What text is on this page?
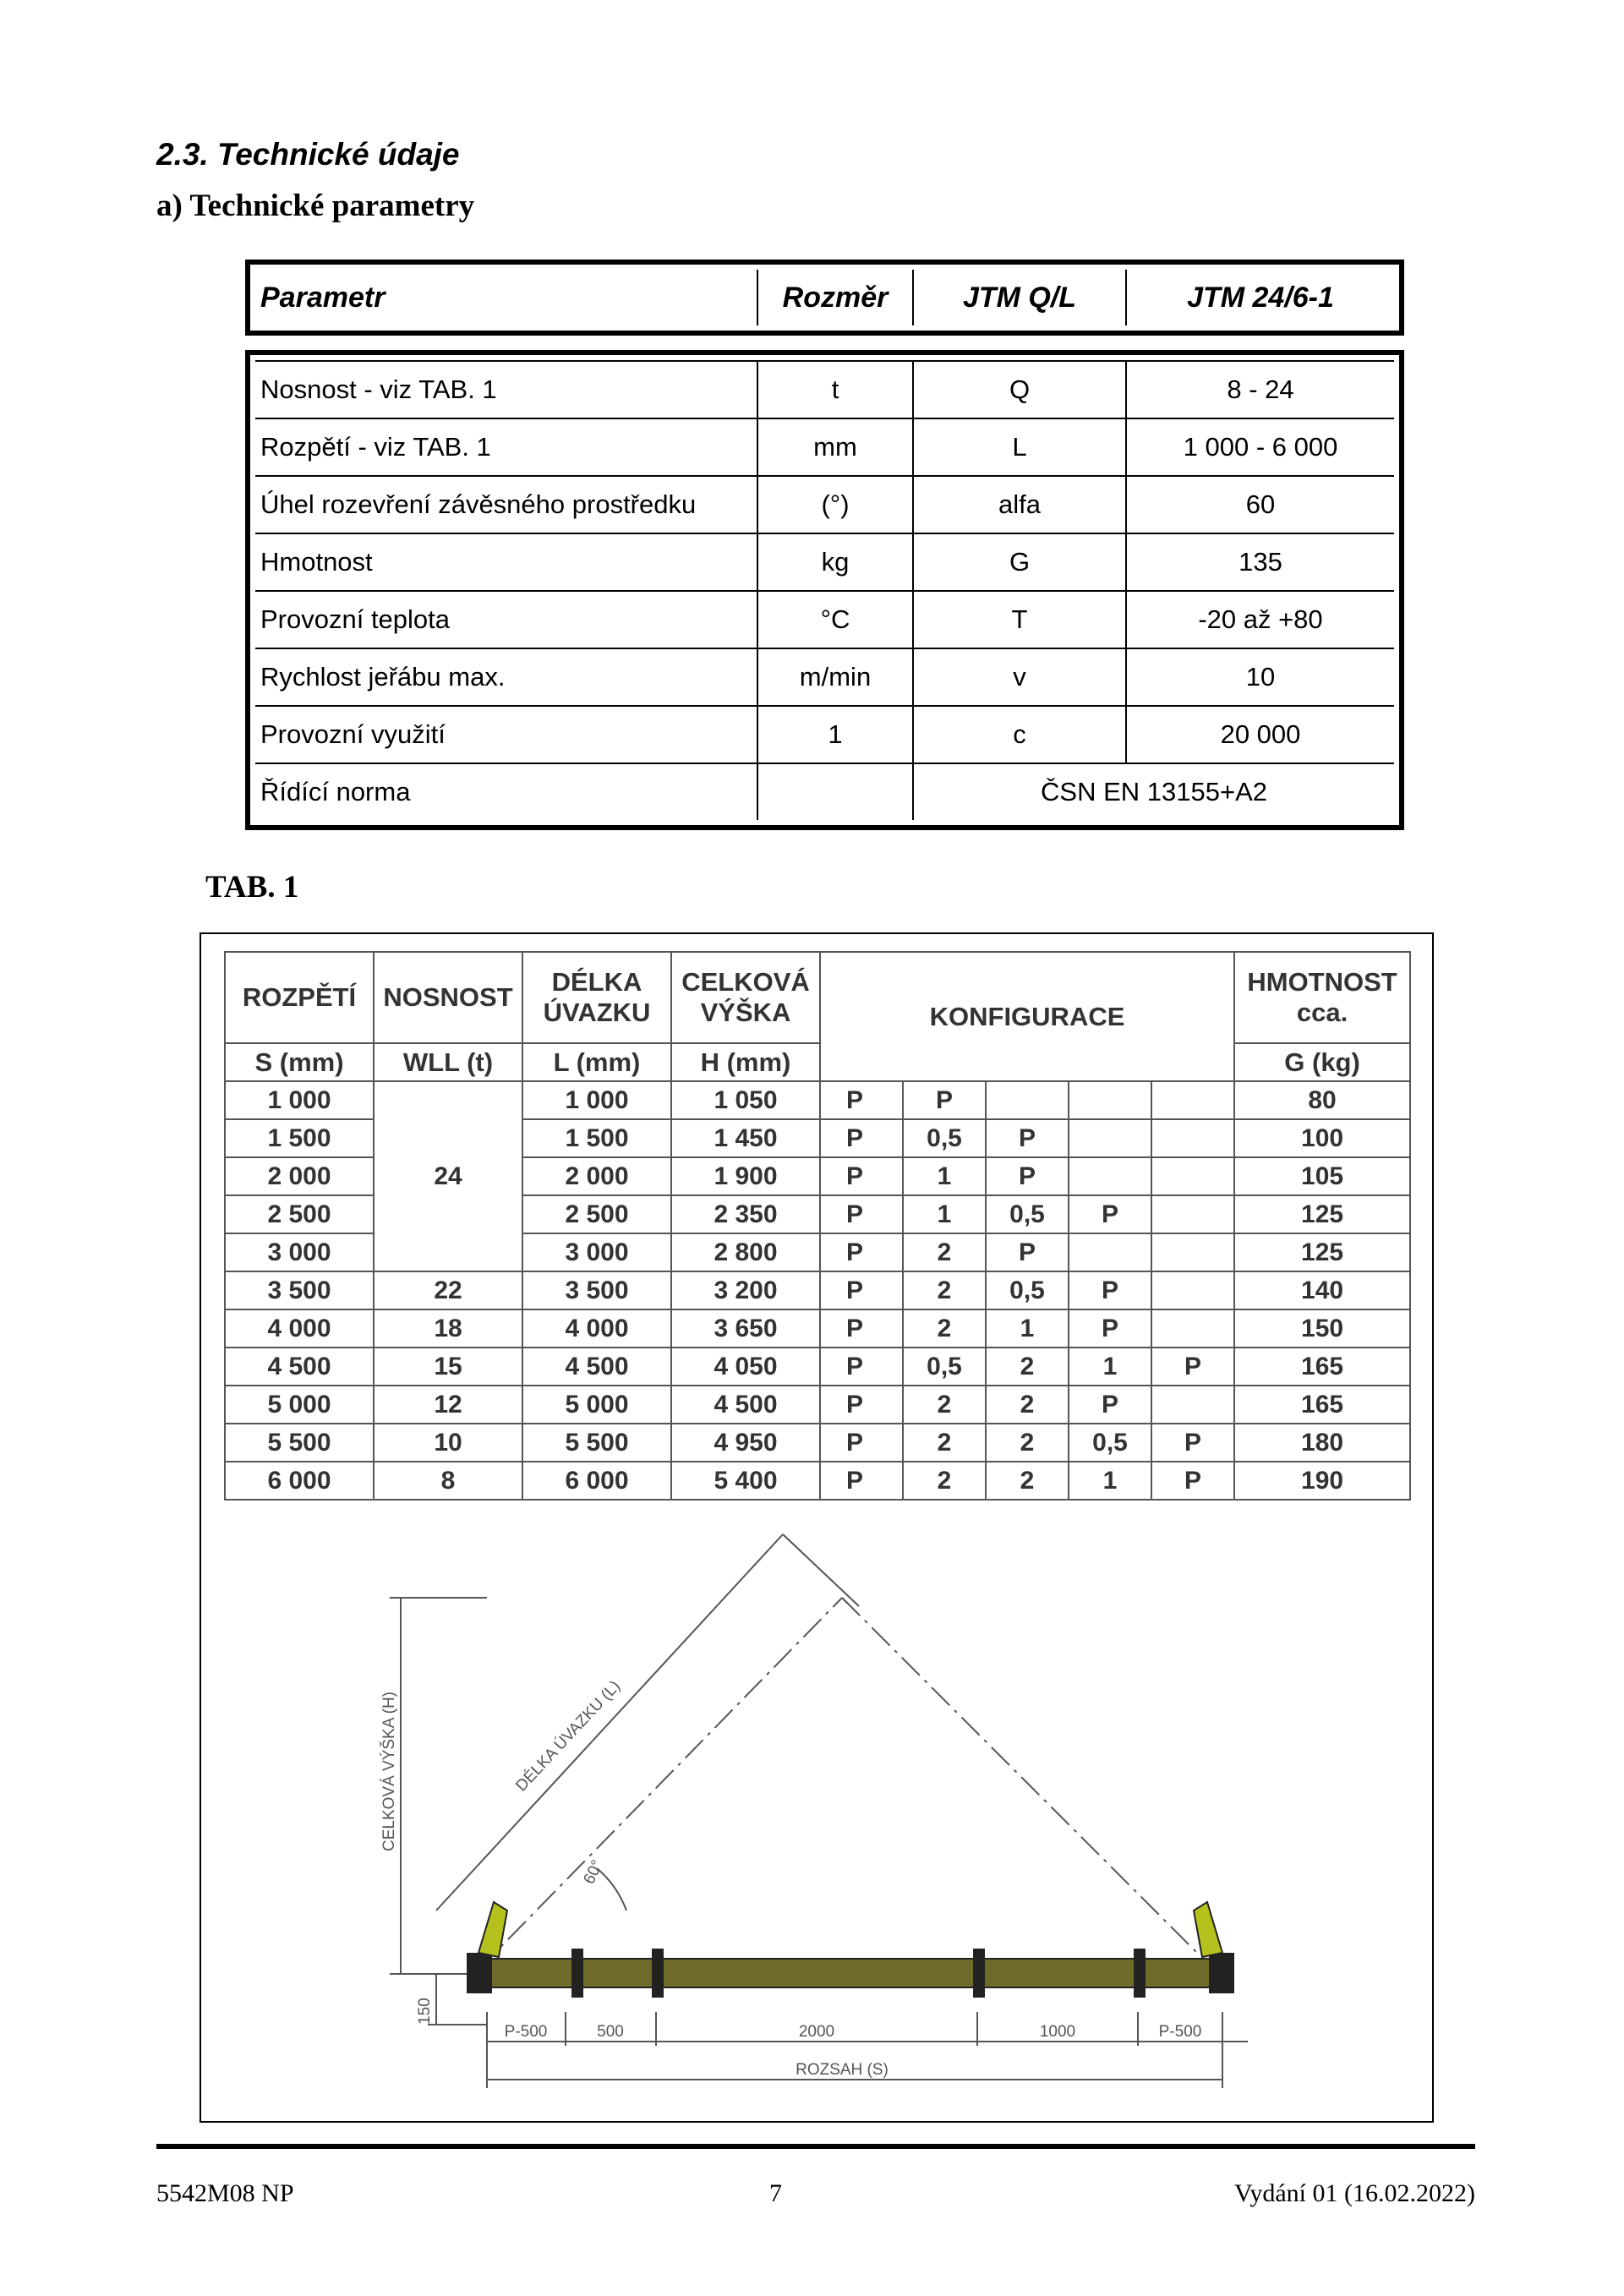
2.3. Technické údaje
a) Technické parametry
Parametr	Rozměr	JTM Q/L	JTM 24/6-1
Nosnost - viz TAB. 1	t	Q	8 - 24
Rozpětí - viz TAB. 1	mm	L	1 000 - 6 000
Úhel rozevření závěsného prostředku	(°)	alfa	60
Hmotnost	kg	G	135
Provozní teplota	°C	T	-20 až +80
Rychlost jeřábu max.	m/min	v	10
Provozní využití	1	c	20 000
Řídící norma		ČSN EN 13155+A2	
TAB. 1
ROZPĚTÍ	NOSNOST	DÉLKA ÚVAZKU	CELKOVÁ VÝŠKA	KONFIGURACE					HMOTNOST cca.
S (mm)	WLL (t)	L (mm)	H (mm)						G (kg)
1 000	24	1 000	1 050	P	P				80
1 500		1 500	1 450	P	0,5	P			100
2 000		2 000	1 900	P	1	P			105
2 500		2 500	2 350	P	1	0,5	P		125
3 000		3 000	2 800	P	2	P			125
3 500	22	3 500	3 200	P	2	0,5	P		140
4 000	18	4 000	3 650	P	2	1	P		150
4 500	15	4 500	4 050	P	0,5	2	1	P	165
5 000	12	5 000	4 500	P	2	2	P		165
5 500	10	5 500	4 950	P	2	2	0,5	P	180
6 000	8	6 000	5 400	P	2	2	1	P	190
CELKOVÁ VÝŠKA (H)	DÉLKA ÚVAZKU (L)
60°
150
P-500	500	2000	1000	P-500
ROZSAH (S)
5542M08 NP	7	Vydání 01 (16.02.2022)
